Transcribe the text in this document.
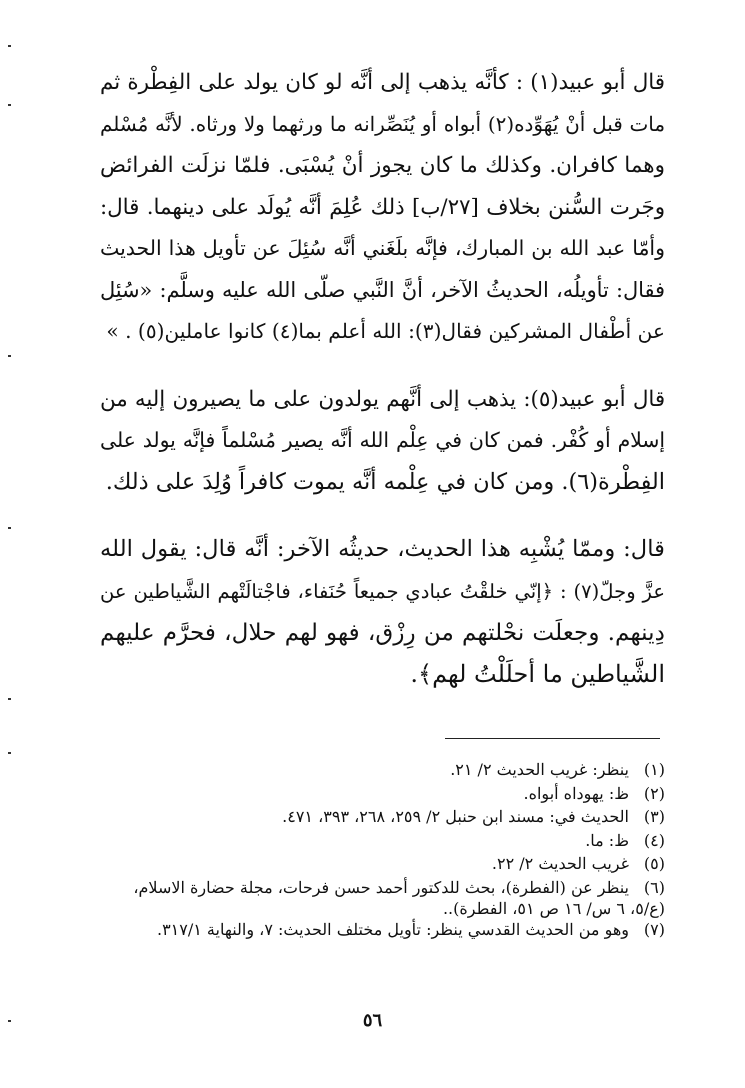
قال أبو عبيد(١) : كأنَّه يذهب إلى أنَّه لو كان يولد على الفِطْرة ثم

مات قبل أنْ يُهَوِّده(٢) أبواه أو يُنَصِّرانه ما ورثهما ولا ورثاه. لأنَّه مُسْلم

وهما كافران. وكذلك ما كان يجوز أنْ يُسْبَى. فلمّا نزلَت الفرائض

وجَرت السُّنن بخلاف [٢٧/ب] ذلك عُلِمَ أنَّه يُولَد على دينهما. قال:

وأمّا عبد الله بن المبارك، فإنَّه بلَغَني أنَّه سُئِلَ عن تأويل هذا الحديث

فقال: تأويلُه، الحديثُ الآخر، أنَّ النَّبي صلّى الله عليه وسلَّم: «سُئِل

عن أطْفال المشركين فقال(٣): الله أعلم بما(٤) كانوا عاملين(٥) . »

قال أبو عبيد(٥): يذهب إلى أنَّهم يولدون على ما يصيرون إليه من

إسلام أو كُفْر. فمن كان في عِلْم الله أنَّه يصير مُسْلماً فإنَّه يولد على

الفِطْرة(٦). ومن كان في عِلْمه أنَّه يموت كافراً وُلِدَ على ذلك.

قال: وممّا يُشْبِه هذا الحديث، حديثُه الآخر: أنَّه قال: يقول الله

عزَّ وجلّ(٧) : ﴿إنّي خلقْتُ عبادي جميعاً حُنَفاء، فاجْتالَتْهم الشَّياطين عن

دِينهم. وجعلَت نحْلتهم من رِزْق، فهو لهم حلال، فحرَّم عليهم

الشَّياطين ما أحلَلْتُ لهم﴾.

(١)
ينظر: غريب الحديث ٢/ ٢١.
(٢)
ظ: يهوداه أبواه.
(٣)
الحديث في: مسند ابن حنبل ٢/ ٢٥٩، ٢٦٨، ٣٩٣، ٤٧١.
(٤)
ظ: ما.
(٥)
غريب الحديث ٢/ ٢٢.
(٦)
ينظر عن (الفطرة)، بحث للدكتور أحمد حسن فرحات، مجلة حضارة الاسلام،
(ع/٥، ٦ س/ ١٦ ص ٥١، الفطرة)..
(٧)
وهو من الحديث القدسي ينظر: تأويل مختلف الحديث: ٧، والنهاية ٣١٧/١.
٥٦
